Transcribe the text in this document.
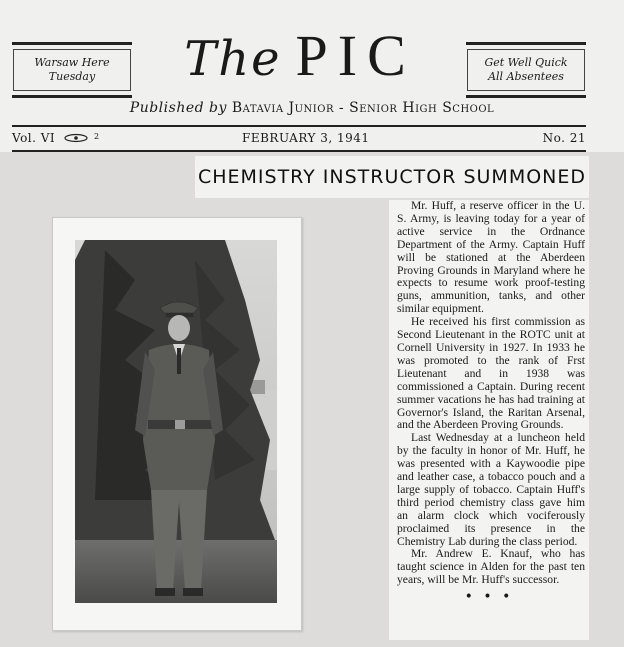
Warsaw Here
Tuesday	The PIC	Get Well Quick
All Absentees
Published by Batavia Junior - Senior High School
Vol. VI	2	FEBRUARY 3, 1941	No. 21
CHEMISTRY INSTRUCTOR SUMMONED

Mr. Huff, a reserve officer in the U. S. Army, is leaving today for a year of active service in the Ordnance Department of the Army. Captain Huff will be stationed at the Aberdeen Proving Grounds in Maryland where he expects to resume work proof-testing guns, ammunition, tanks, and other similar equipment.

He received his first commission as Second Lieutenant in the ROTC unit at Cornell University in 1927. In 1933 he was promoted to the rank of Frst Lieutenant and in 1938 was commissioned a Captain. During recent summer vacations he has had training at Governor's Island, the Raritan Arsenal, and the Aberdeen Proving Grounds.

Last Wednesday at a luncheon held by the faculty in honor of Mr. Huff, he was presented with a Kaywoodie pipe and leather case, a tobacco pouch and a large supply of tobacco. Captain Huff's third period chemistry class gave him an alarm clock which vociferously proclaimed its presence in the Chemistry Lab during the class period.

Mr. Andrew E. Knauf, who has taught science in Alden for the past ten years, will be Mr. Huff's successor.

• • •
